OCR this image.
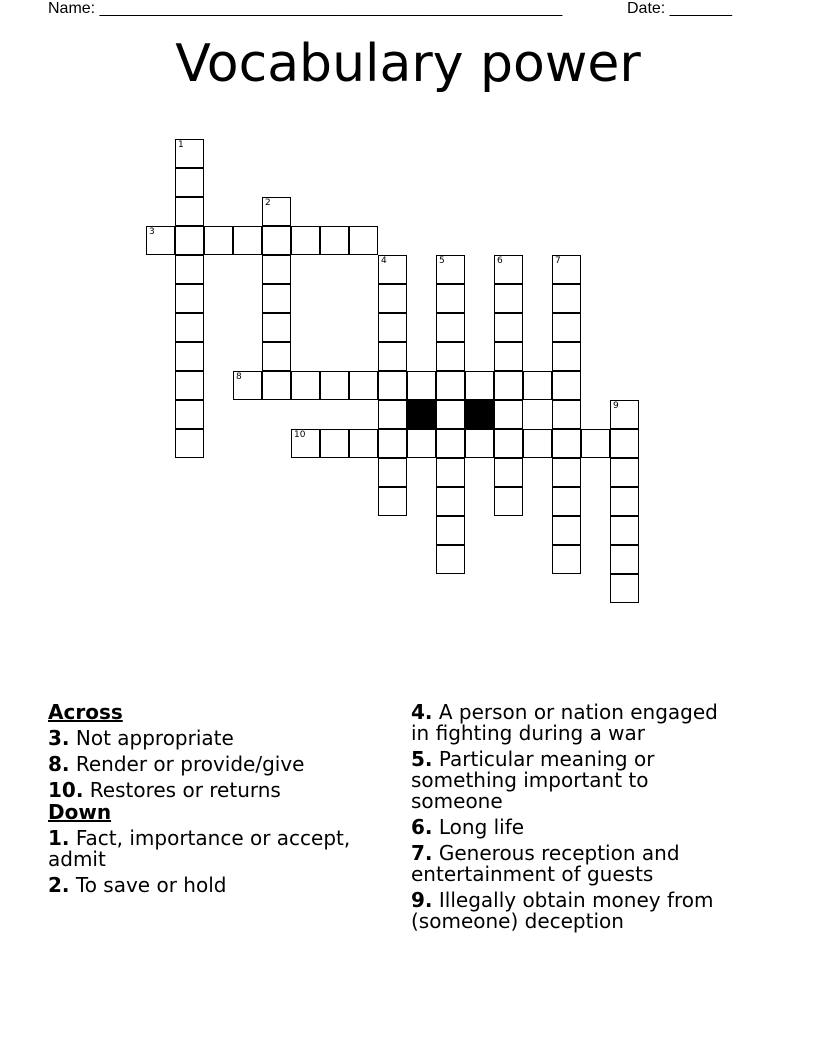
Name: ____________________________________________________	Date: _______
Vocabulary power
1
2
3
4	5	6	7
8
9
10
Across
3. Not appropriate
8. Render or provide/give
10. Restores or returns
Down
1. Fact, importance or accept, admit
2. To save or hold
4. A person or nation engaged in fighting during a war
5. Particular meaning or something important to someone
6. Long life
7. Generous reception and entertainment of guests
9. Illegally obtain money from (someone) deception
